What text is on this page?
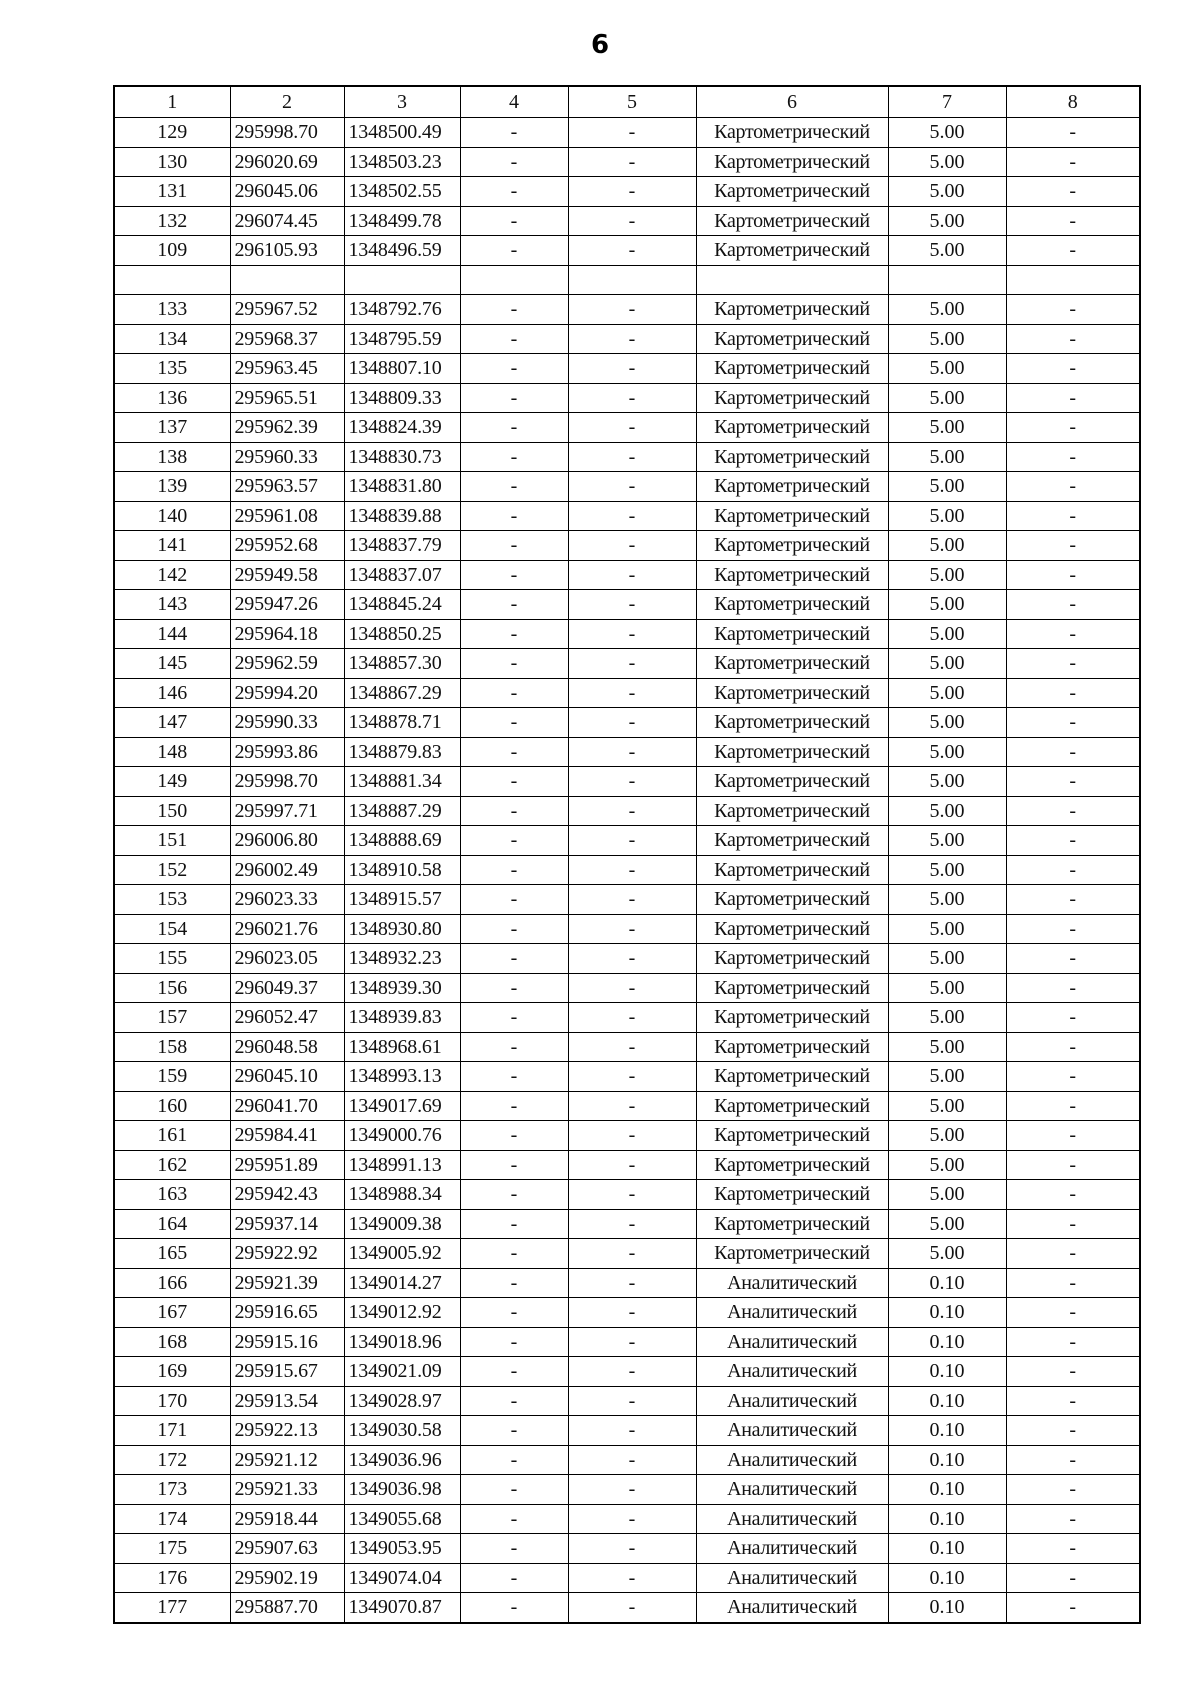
6
1	2	3	4	5	6	7	8
129	295998.70	1348500.49	-	-	Картометрический	5.00	-
130	296020.69	1348503.23	-	-	Картометрический	5.00	-
131	296045.06	1348502.55	-	-	Картометрический	5.00	-
132	296074.45	1348499.78	-	-	Картометрический	5.00	-
109	296105.93	1348496.59	-	-	Картометрический	5.00	-

133	295967.52	1348792.76	-	-	Картометрический	5.00	-
134	295968.37	1348795.59	-	-	Картометрический	5.00	-
135	295963.45	1348807.10	-	-	Картометрический	5.00	-
136	295965.51	1348809.33	-	-	Картометрический	5.00	-
137	295962.39	1348824.39	-	-	Картометрический	5.00	-
138	295960.33	1348830.73	-	-	Картометрический	5.00	-
139	295963.57	1348831.80	-	-	Картометрический	5.00	-
140	295961.08	1348839.88	-	-	Картометрический	5.00	-
141	295952.68	1348837.79	-	-	Картометрический	5.00	-
142	295949.58	1348837.07	-	-	Картометрический	5.00	-
143	295947.26	1348845.24	-	-	Картометрический	5.00	-
144	295964.18	1348850.25	-	-	Картометрический	5.00	-
145	295962.59	1348857.30	-	-	Картометрический	5.00	-
146	295994.20	1348867.29	-	-	Картометрический	5.00	-
147	295990.33	1348878.71	-	-	Картометрический	5.00	-
148	295993.86	1348879.83	-	-	Картометрический	5.00	-
149	295998.70	1348881.34	-	-	Картометрический	5.00	-
150	295997.71	1348887.29	-	-	Картометрический	5.00	-
151	296006.80	1348888.69	-	-	Картометрический	5.00	-
152	296002.49	1348910.58	-	-	Картометрический	5.00	-
153	296023.33	1348915.57	-	-	Картометрический	5.00	-
154	296021.76	1348930.80	-	-	Картометрический	5.00	-
155	296023.05	1348932.23	-	-	Картометрический	5.00	-
156	296049.37	1348939.30	-	-	Картометрический	5.00	-
157	296052.47	1348939.83	-	-	Картометрический	5.00	-
158	296048.58	1348968.61	-	-	Картометрический	5.00	-
159	296045.10	1348993.13	-	-	Картометрический	5.00	-
160	296041.70	1349017.69	-	-	Картометрический	5.00	-
161	295984.41	1349000.76	-	-	Картометрический	5.00	-
162	295951.89	1348991.13	-	-	Картометрический	5.00	-
163	295942.43	1348988.34	-	-	Картометрический	5.00	-
164	295937.14	1349009.38	-	-	Картометрический	5.00	-
165	295922.92	1349005.92	-	-	Картометрический	5.00	-
166	295921.39	1349014.27	-	-	Аналитический	0.10	-
167	295916.65	1349012.92	-	-	Аналитический	0.10	-
168	295915.16	1349018.96	-	-	Аналитический	0.10	-
169	295915.67	1349021.09	-	-	Аналитический	0.10	-
170	295913.54	1349028.97	-	-	Аналитический	0.10	-
171	295922.13	1349030.58	-	-	Аналитический	0.10	-
172	295921.12	1349036.96	-	-	Аналитический	0.10	-
173	295921.33	1349036.98	-	-	Аналитический	0.10	-
174	295918.44	1349055.68	-	-	Аналитический	0.10	-
175	295907.63	1349053.95	-	-	Аналитический	0.10	-
176	295902.19	1349074.04	-	-	Аналитический	0.10	-
177	295887.70	1349070.87	-	-	Аналитический	0.10	-
